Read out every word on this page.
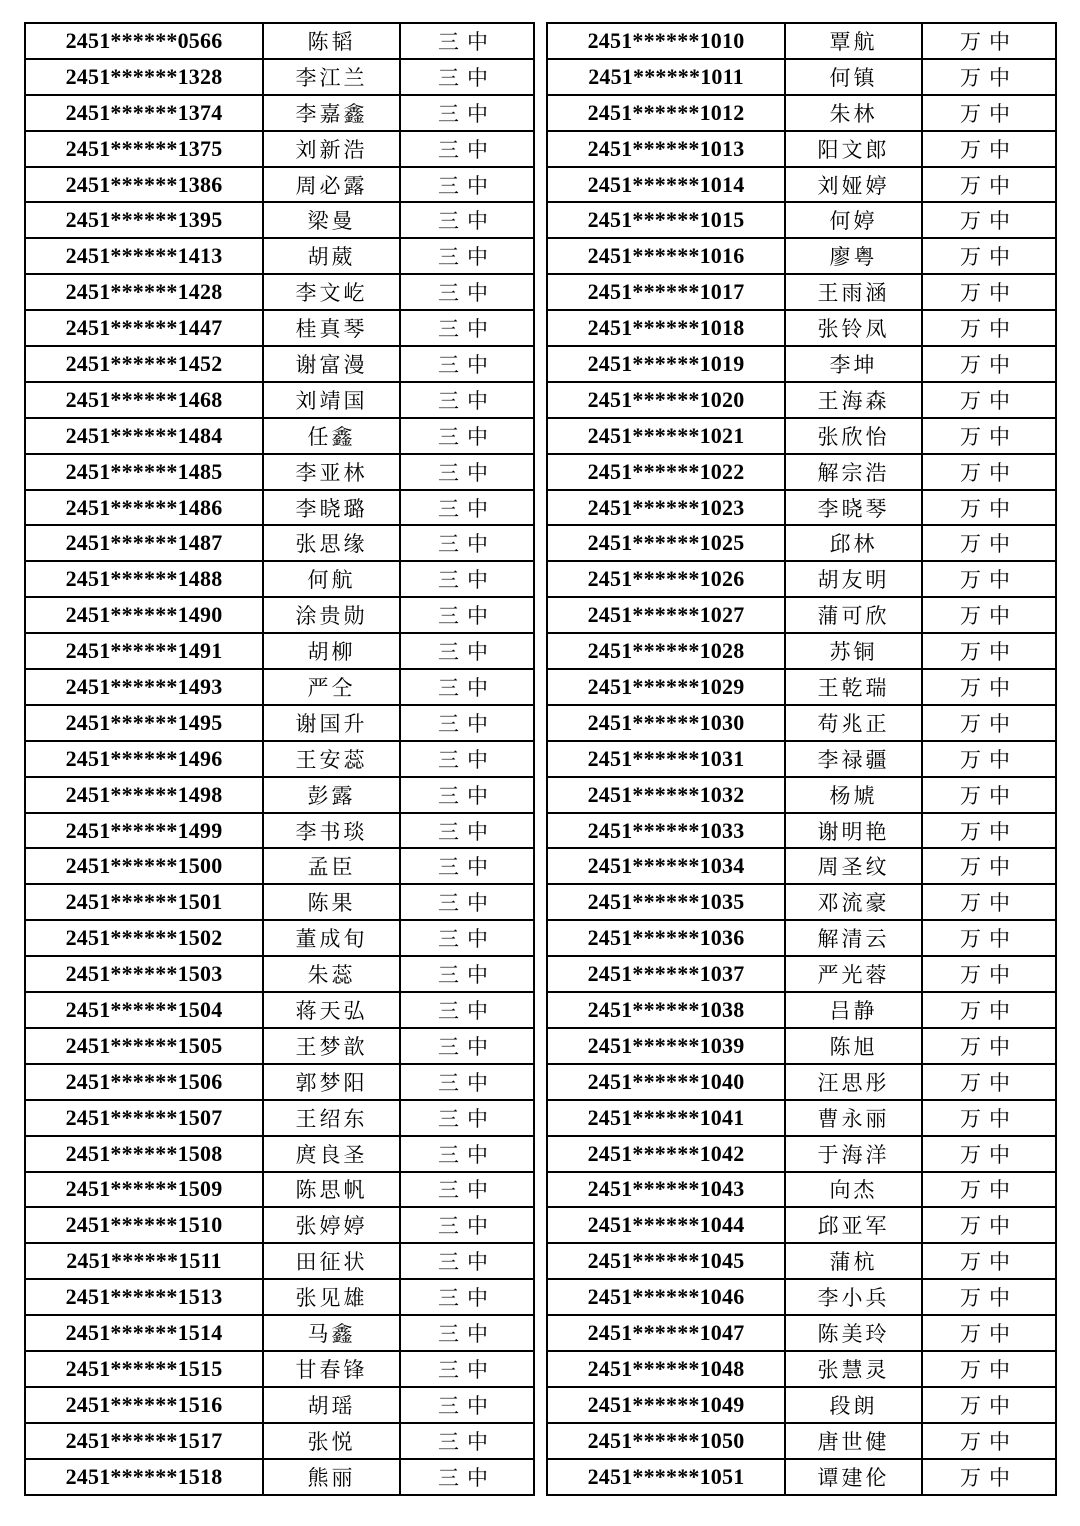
2451******0566	陈韬	三中
2451******1328	李江兰	三中
2451******1374	李嘉鑫	三中
2451******1375	刘新浩	三中
2451******1386	周必露	三中
2451******1395	梁曼	三中
2451******1413	胡葳	三中
2451******1428	李文屹	三中
2451******1447	桂真琴	三中
2451******1452	谢富漫	三中
2451******1468	刘靖国	三中
2451******1484	任鑫	三中
2451******1485	李亚林	三中
2451******1486	李晓璐	三中
2451******1487	张思缘	三中
2451******1488	何航	三中
2451******1490	涂贵勋	三中
2451******1491	胡柳	三中
2451******1493	严仝	三中
2451******1495	谢国升	三中
2451******1496	王安蕊	三中
2451******1498	彭露	三中
2451******1499	李书琰	三中
2451******1500	孟臣	三中
2451******1501	陈果	三中
2451******1502	董成旬	三中
2451******1503	朱蕊	三中
2451******1504	蒋天弘	三中
2451******1505	王梦歆	三中
2451******1506	郭梦阳	三中
2451******1507	王绍东	三中
2451******1508	庹良圣	三中
2451******1509	陈思帆	三中
2451******1510	张婷婷	三中
2451******1511	田征状	三中
2451******1513	张见雄	三中
2451******1514	马鑫	三中
2451******1515	甘春锋	三中
2451******1516	胡瑶	三中
2451******1517	张悦	三中
2451******1518	熊丽	三中
2451******1010	覃航	万中
2451******1011	何镇	万中
2451******1012	朱林	万中
2451******1013	阳文郎	万中
2451******1014	刘娅婷	万中
2451******1015	何婷	万中
2451******1016	廖粤	万中
2451******1017	王雨涵	万中
2451******1018	张铃凤	万中
2451******1019	李坤	万中
2451******1020	王海森	万中
2451******1021	张欣怡	万中
2451******1022	解宗浩	万中
2451******1023	李晓琴	万中
2451******1025	邱林	万中
2451******1026	胡友明	万中
2451******1027	蒲可欣	万中
2451******1028	苏铜	万中
2451******1029	王乾瑞	万中
2451******1030	苟兆正	万中
2451******1031	李禄疆	万中
2451******1032	杨虓	万中
2451******1033	谢明艳	万中
2451******1034	周圣纹	万中
2451******1035	邓流豪	万中
2451******1036	解清云	万中
2451******1037	严光蓉	万中
2451******1038	吕静	万中
2451******1039	陈旭	万中
2451******1040	汪思彤	万中
2451******1041	曹永丽	万中
2451******1042	于海洋	万中
2451******1043	向杰	万中
2451******1044	邱亚军	万中
2451******1045	蒲杭	万中
2451******1046	李小兵	万中
2451******1047	陈美玲	万中
2451******1048	张慧灵	万中
2451******1049	段朗	万中
2451******1050	唐世健	万中
2451******1051	谭建伦	万中
